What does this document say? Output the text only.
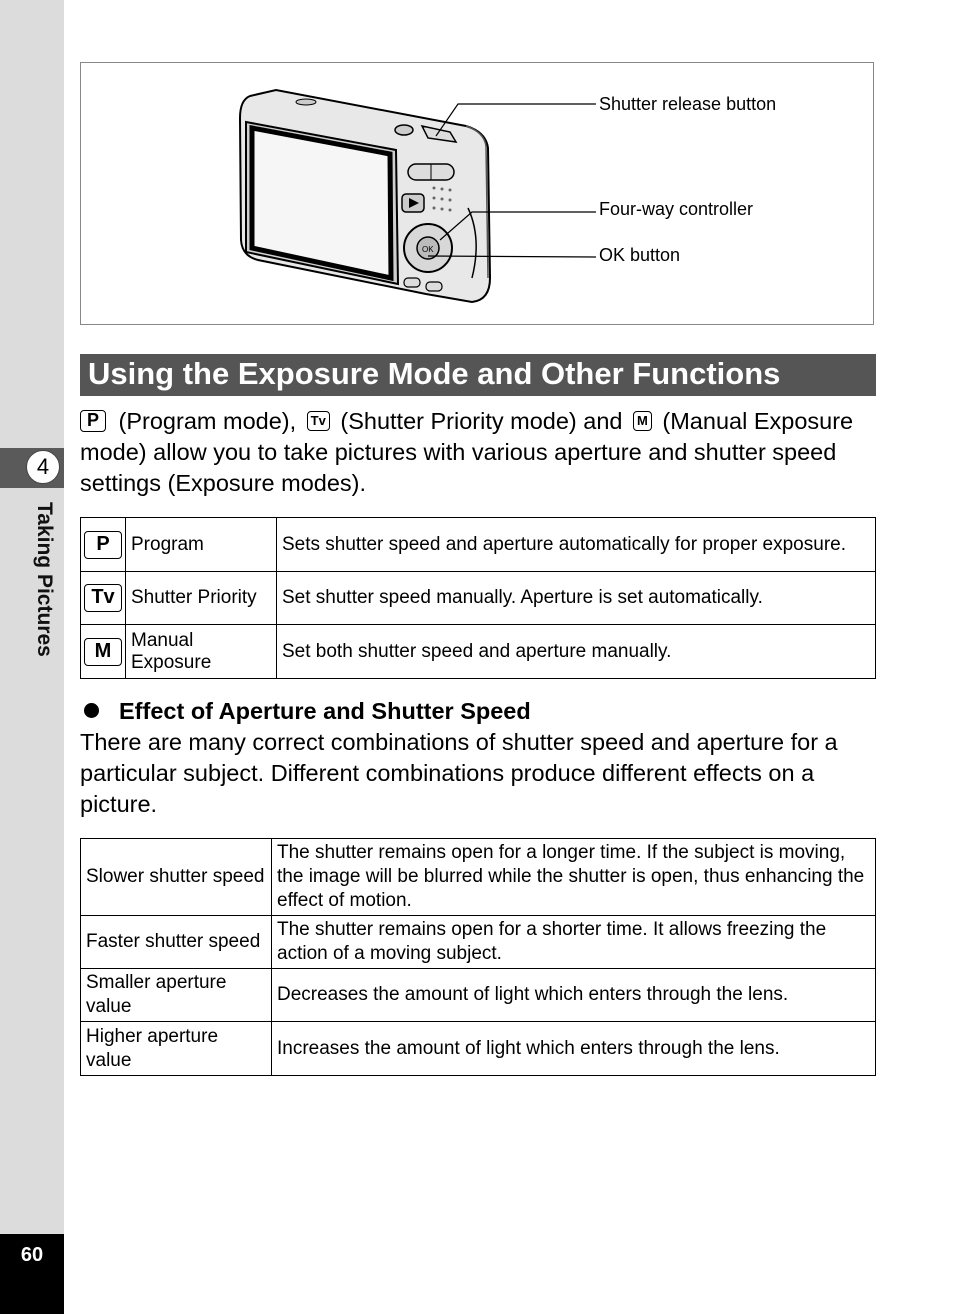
4
Taking Pictures
60
OK
Shutter release button
Four-way controller
OK button
Using the Exposure Mode and Other Functions
P (Program mode), Tv (Shutter Priority mode) and M (Manual Exposure mode) allow you to take pictures with various aperture and shutter speed settings (Exposure modes).
P	Program	Sets shutter speed and aperture automatically for proper exposure.
Tv	Shutter Priority	Set shutter speed manually. Aperture is set automatically.
M	Manual Exposure	Set both shutter speed and aperture manually.
Effect of Aperture and Shutter Speed
There are many correct combinations of shutter speed and aperture for a particular subject. Different combinations produce different effects on a picture.
Slower shutter speed	The shutter remains open for a longer time. If the subject is moving, the image will be blurred while the shutter is open, thus enhancing the effect of motion.
Faster shutter speed	The shutter remains open for a shorter time. It allows freezing the action of a moving subject.
Smaller aperture value	Decreases the amount of light which enters through the lens.
Higher aperture value	Increases the amount of light which enters through the lens.
